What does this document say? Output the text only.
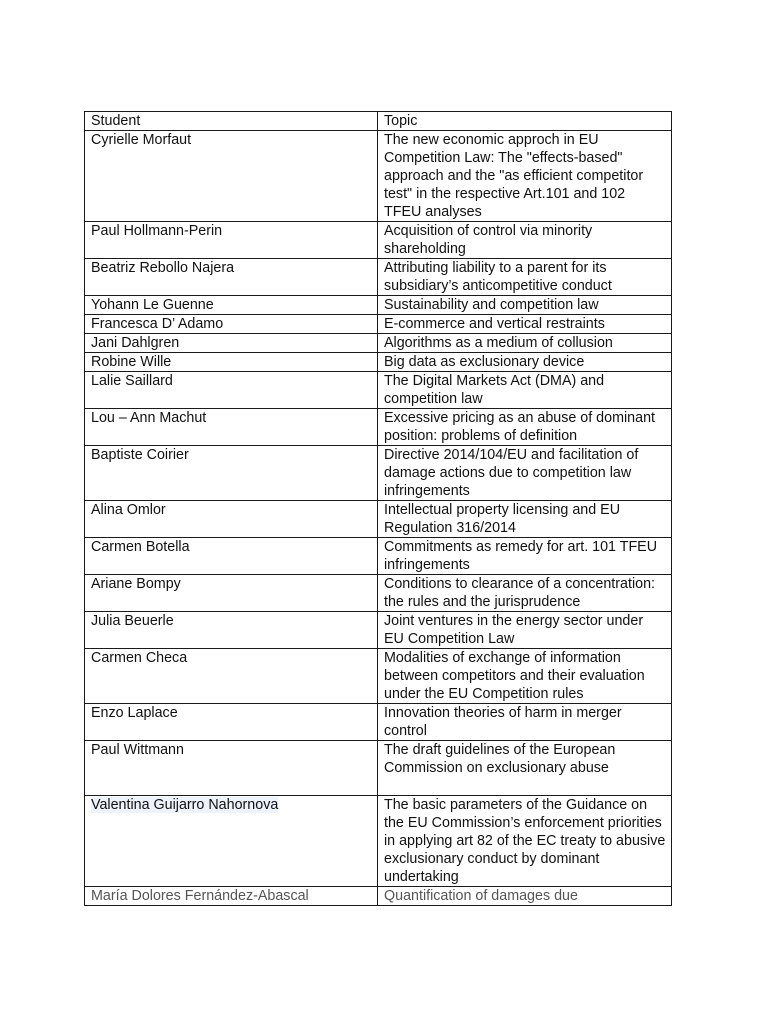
Student	Topic
Cyrielle Morfaut	The new economic approch in EU Competition Law: The "effects-based" approach and the "as efficient competitor test" in the respective Art.101 and 102 TFEU analyses
Paul Hollmann-Perin	Acquisition of control via minority shareholding
Beatriz Rebollo Najera	Attributing liability to a parent for its subsidiary’s anticompetitive conduct
Yohann Le Guenne	Sustainability and competition law
Francesca D’ Adamo	E-commerce and vertical restraints
Jani Dahlgren	Algorithms as a medium of collusion
Robine Wille	Big data as exclusionary device
Lalie Saillard	The Digital Markets Act (DMA) and competition law
Lou – Ann Machut	Excessive pricing as an abuse of dominant position: problems of definition
Baptiste Coirier	Directive 2014/104/EU and facilitation of damage actions due to competition law infringements
Alina Omlor	Intellectual property licensing and EU Regulation 316/2014
Carmen Botella	Commitments as remedy for art. 101 TFEU infringements
Ariane Bompy	Conditions to clearance of a concentration: the rules and the jurisprudence
Julia Beuerle	Joint ventures in the energy sector under EU Competition Law
Carmen Checa	Modalities of exchange of information between competitors and their evaluation under the EU Competition rules
Enzo Laplace	Innovation theories of harm in merger control
Paul Wittmann	The draft guidelines of the European Commission on exclusionary abuse
Valentina Guijarro Nahornova	The basic parameters of the Guidance on the EU Commission’s enforcement priorities in applying art 82 of the EC treaty to abusive exclusionary conduct by dominant undertaking
María Dolores Fernández-Abascal	Quantification of damages due
